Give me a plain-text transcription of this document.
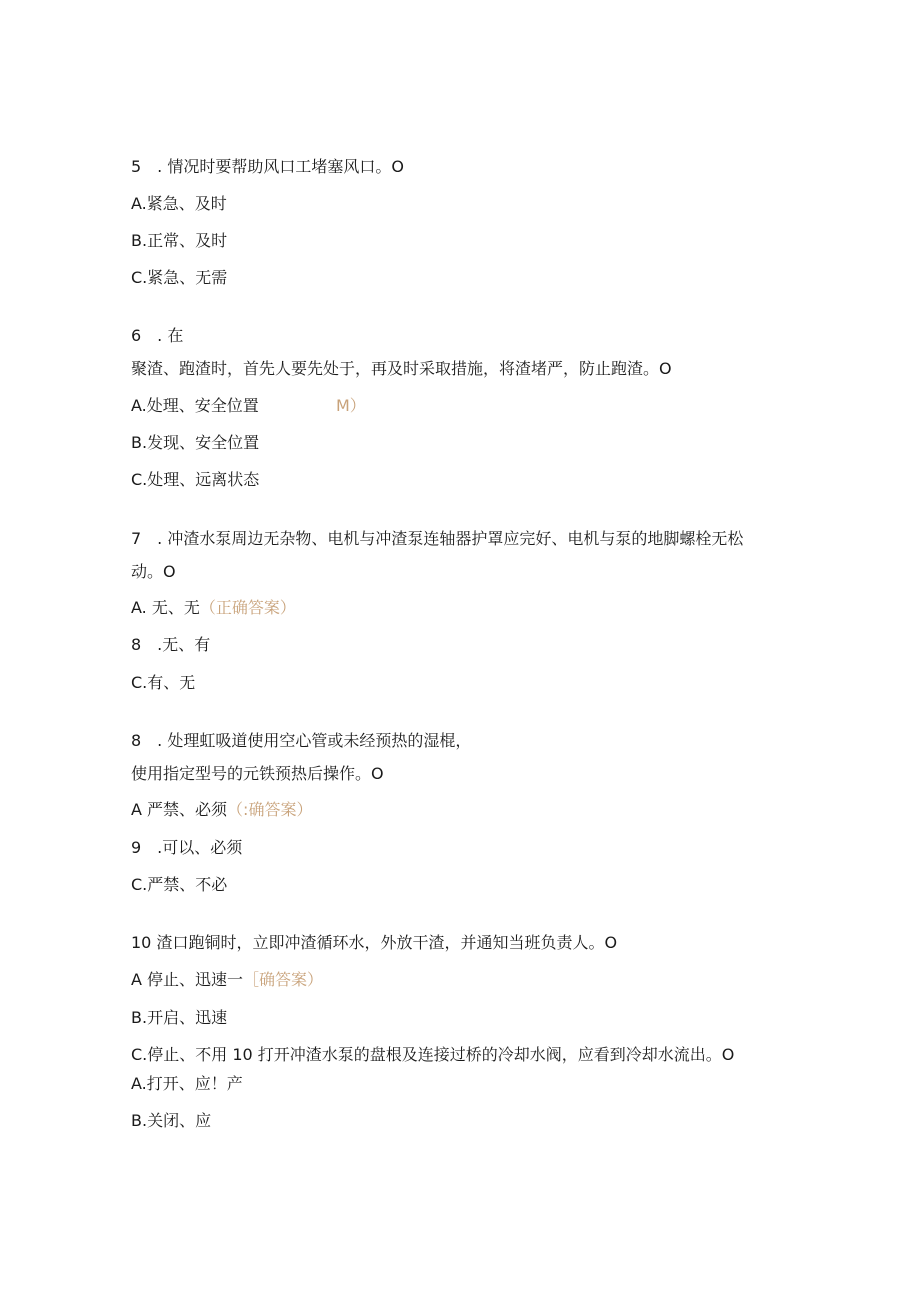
5　. 情况时要帮助风口工堵塞风口。O
A.紧急、及时
B.正常、及时
C.紧急、无需
6　. 在
聚渣、跑渣时，首先人要先处于，再及时采取措施，将渣堵严，防止跑渣。O
A.处理、安全位置	M）
B.发现、安全位置
C.处理、远离状态
7　. 冲渣水泵周边无杂物、电机与冲渣泵连轴器护罩应完好、电机与泵的地脚螺栓无松
动。O
A. 无、无（正确答案）
8　.无、有
C.有、无
8　. 处理虹吸道使用空心管或未经预热的湿棍，
使用指定型号的元铁预热后操作。O
A 严禁、必须（:确答案）
9　.可以、必须
C.严禁、不必
10 渣口跑铜时，立即冲渣循环水，外放干渣，并通知当班负责人。O
A 停止、迅速一［确答案）
B.开启、迅速
C.停止、不用 10 打开冲渣水泵的盘根及连接过桥的冷却水阀，应看到冷却水流出。O
A.打开、应！产
B.关闭、应
